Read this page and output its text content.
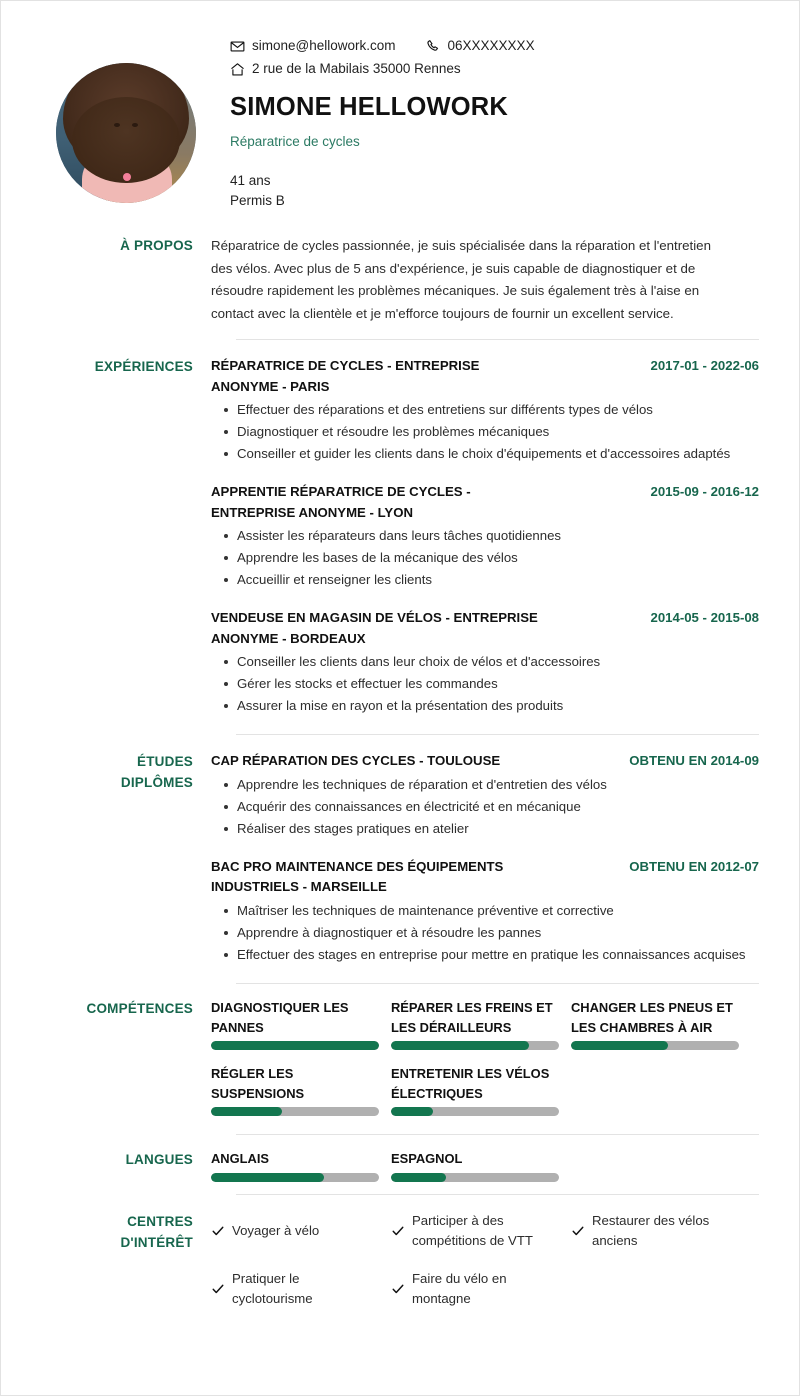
simone@hellowork.com	06XXXXXXXX
2 rue de la Mabilais 35000 Rennes
SIMONE HELLOWORK
Réparatrice de cycles
41 ans
Permis B
À PROPOS	Réparatrice de cycles passionnée, je suis spécialisée dans la réparation et l'entretien des vélos. Avec plus de 5 ans d'expérience, je suis capable de diagnostiquer et de résoudre rapidement les problèmes mécaniques. Je suis également très à l'aise en contact avec la clientèle et je m'efforce toujours de fournir un excellent service.
EXPÉRIENCES	RÉPARATRICE DE CYCLES - ENTREPRISE ANONYME - PARIS
2017-01 - 2022-06
Effectuer des réparations et des entretiens sur différents types de vélos
Diagnostiquer et résoudre les problèmes mécaniques
Conseiller et guider les clients dans le choix d'équipements et d'accessoires adaptés
APPRENTIE RÉPARATRICE DE CYCLES - ENTREPRISE ANONYME - LYON
2015-09 - 2016-12
Assister les réparateurs dans leurs tâches quotidiennes
Apprendre les bases de la mécanique des vélos
Accueillir et renseigner les clients
VENDEUSE EN MAGASIN DE VÉLOS - ENTREPRISE ANONYME - BORDEAUX
2014-05 - 2015-08
Conseiller les clients dans leur choix de vélos et d'accessoires
Gérer les stocks et effectuer les commandes
Assurer la mise en rayon et la présentation des produits
ÉTUDES
DIPLÔMES
CAP RÉPARATION DES CYCLES - TOULOUSE	OBTENU EN 2014-09
Apprendre les techniques de réparation et d'entretien des vélos
Acquérir des connaissances en électricité et en mécanique
Réaliser des stages pratiques en atelier
BAC PRO MAINTENANCE DES ÉQUIPEMENTS INDUSTRIELS - MARSEILLE
OBTENU EN 2012-07
Maîtriser les techniques de maintenance préventive et corrective
Apprendre à diagnostiquer et à résoudre les pannes
Effectuer des stages en entreprise pour mettre en pratique les connaissances acquises
COMPÉTENCES	DIAGNOSTIQUER LES PANNES
RÉPARER LES FREINS ET LES DÉRAILLEURS
CHANGER LES PNEUS ET LES CHAMBRES À AIR
RÉGLER LES SUSPENSIONS
ENTRETENIR LES VÉLOS ÉLECTRIQUES
LANGUES	ANGLAIS	ESPAGNOL
CENTRES
D'INTÉRÊT
Voyager à vélo
Participer à des compétitions de VTT
Restaurer des vélos anciens
Pratiquer le cyclotourisme
Faire du vélo en montagne
